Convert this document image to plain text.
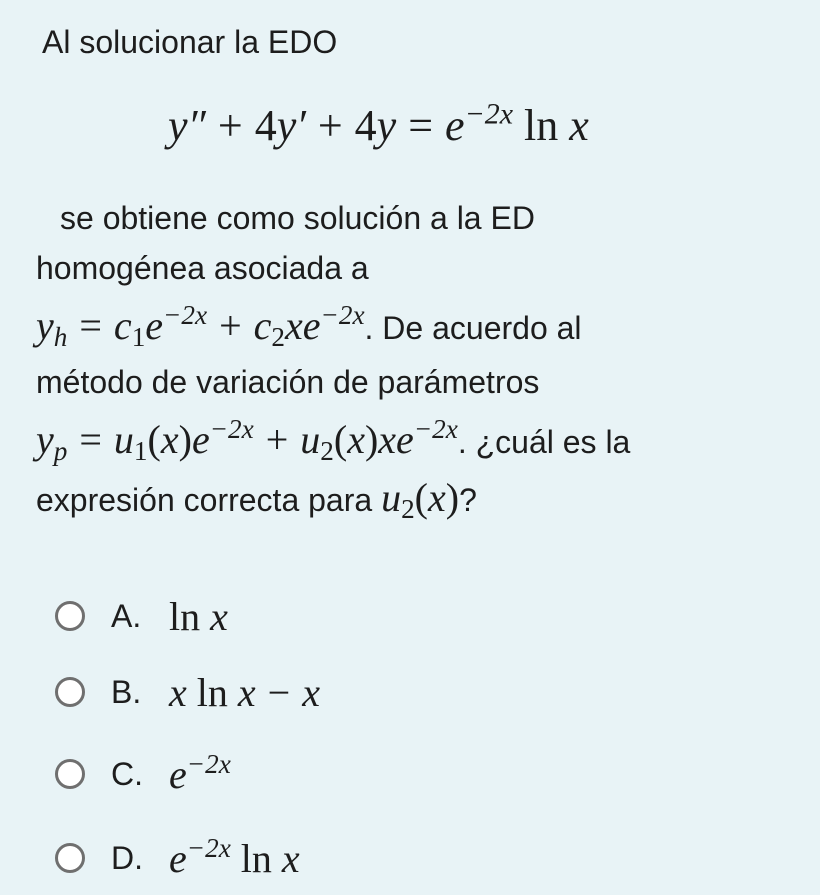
Al solucionar la EDO
$y'' + 4y' + 4y = e^{-2x}$ ln x
se obtiene como solución a la ED
homogénea asociada a
$y_h = c_1e^{-2x} + c_2xe^{-2x}$. De acuerdo al
método de variación de parámetros
$y_p = u_1(x)e^{-2x} + u_2(x)xe^{-2x}$. ¿cuál es la
expresión correcta para $u_2(x)$?
A. ln x
B. x ln x − x
C. $e^{-2x}$
D. $e^{-2x}$ ln x
